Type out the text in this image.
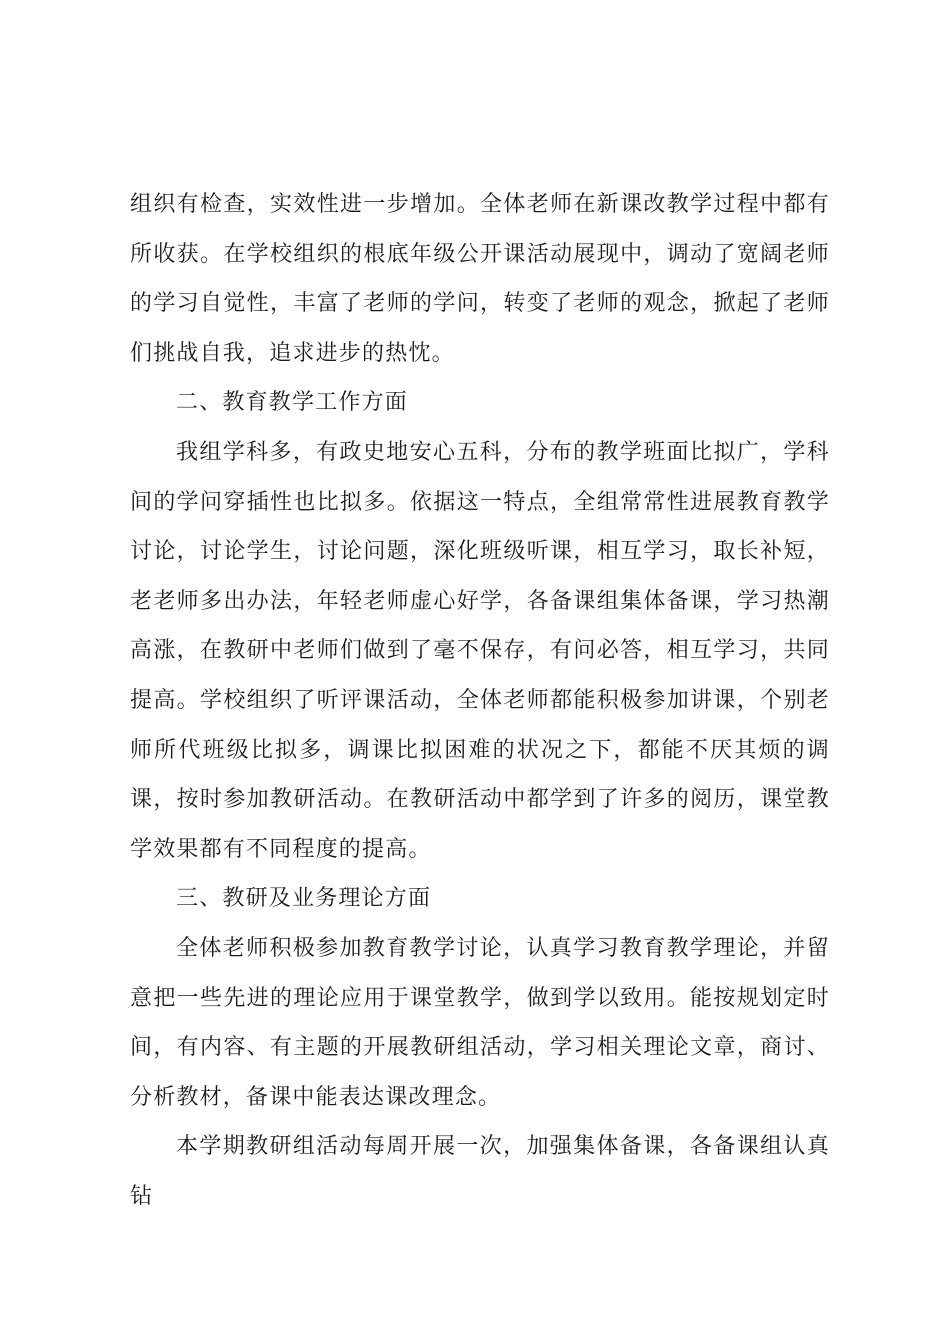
组织有检查，实效性进一步增加。全体老师在新课改教学过程中都有所收获。在学校组织的根底年级公开课活动展现中，调动了宽阔老师的学习自觉性，丰富了老师的学问，转变了老师的观念，掀起了老师们挑战自我，追求进步的热忱。

二、教育教学工作方面

我组学科多，有政史地安心五科，分布的教学班面比拟广，学科间的学问穿插性也比拟多。依据这一特点，全组常常性进展教育教学讨论，讨论学生，讨论问题，深化班级听课，相互学习，取长补短，老老师多出办法，年轻老师虚心好学，各备课组集体备课，学习热潮高涨，在教研中老师们做到了毫不保存，有问必答，相互学习，共同提高。学校组织了听评课活动，全体老师都能积极参加讲课，个别老师所代班级比拟多，调课比拟困难的状况之下，都能不厌其烦的调课，按时参加教研活动。在教研活动中都学到了许多的阅历，课堂教学效果都有不同程度的提高。

三、教研及业务理论方面

全体老师积极参加教育教学讨论，认真学习教育教学理论，并留意把一些先进的理论应用于课堂教学，做到学以致用。能按规划定时间，有内容、有主题的开展教研组活动，学习相关理论文章，商讨、分析教材，备课中能表达课改理念。

本学期教研组活动每周开展一次，加强集体备课，各备课组认真钻
